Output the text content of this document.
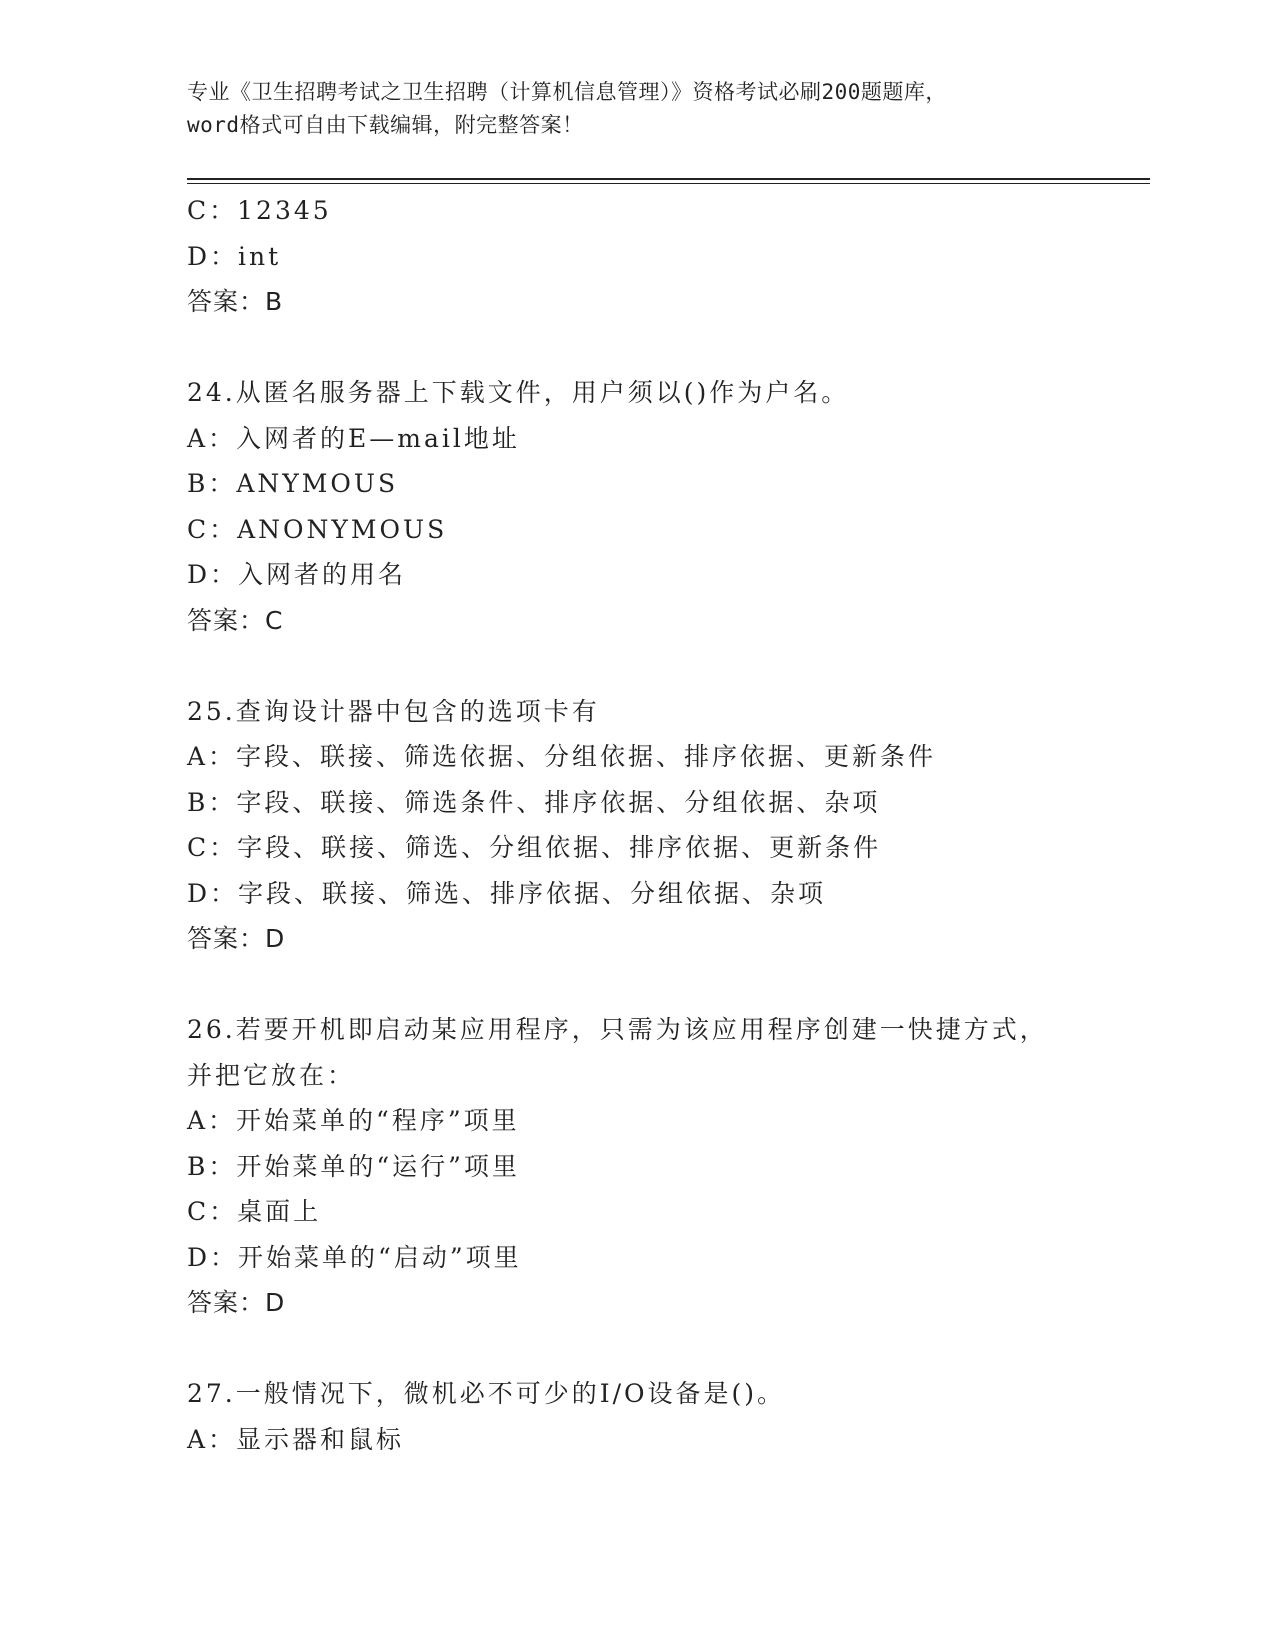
专业《卫生招聘考试之卫生招聘（计算机信息管理）》资格考试必刷200题题库，
word格式可自由下载编辑，附完整答案！
C：12345
D：int
答案：B
24.从匿名服务器上下载文件，用户须以()作为户名。
A：入网者的E—mail地址
B：ANYMOUS
C：ANONYMOUS
D：入网者的用名
答案：C
25.查询设计器中包含的选项卡有
A：字段、联接、筛选依据、分组依据、排序依据、更新条件
B：字段、联接、筛选条件、排序依据、分组依据、杂项
C：字段、联接、筛选、分组依据、排序依据、更新条件
D：字段、联接、筛选、排序依据、分组依据、杂项
答案：D
26.若要开机即启动某应用程序，只需为该应用程序创建一快捷方式，
并把它放在：
A：开始菜单的“程序”项里
B：开始菜单的“运行”项里
C：桌面上
D：开始菜单的“启动”项里
答案：D
27.一般情况下，微机必不可少的I/O设备是()。
A：显示器和鼠标
